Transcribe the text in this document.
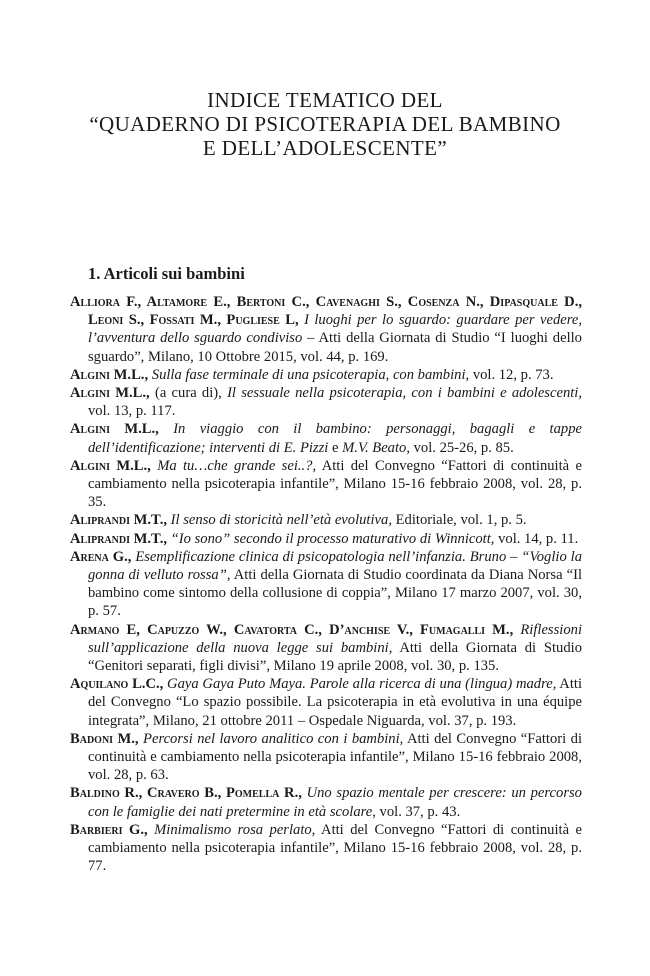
INDICE TEMATICO DEL
“QUADERNO DI PSICOTERAPIA DEL BAMBINO
E DELL’ADOLESCENTE”
1. Articoli sui bambini

Alliora F., Altamore E., Bertoni C., Cavenaghi S., Cosenza N., Dipasquale D., Leoni S., Fossati M., Pugliese L, I luoghi per lo sguardo: guardare per vedere, l’avventura dello sguardo condiviso – Atti della Giornata di Studio “I luoghi dello sguardo”, Milano, 10 Ottobre 2015, vol. 44, p. 169.

Algini M.L., Sulla fase terminale di una psicoterapia, con bambini, vol. 12, p. 73.

Algini M.L., (a cura di), Il sessuale nella psicoterapia, con i bambini e adolescenti, vol. 13, p. 117.

Algini M.L., In viaggio con il bambino: personaggi, bagagli e tappe dell’identificazione; interventi di E. Pizzi e M.V. Beato, vol. 25-26, p. 85.

Algini M.L., Ma tu…che grande sei..?, Atti del Convegno “Fattori di continuità e cambiamento nella psicoterapia infantile”, Milano 15-16 febbraio 2008, vol. 28, p. 35.

Aliprandi M.T., Il senso di storicità nell’età evolutiva, Editoriale, vol. 1, p. 5.

Aliprandi M.T., “Io sono” secondo il processo maturativo di Winnicott, vol. 14, p. 11.

Arena G., Esemplificazione clinica di psicopatologia nell’infanzia. Bruno – “Voglio la gonna di velluto rossa”, Atti della Giornata di Studio coordinata da Diana Norsa “Il bambino come sintomo della collusione di coppia”, Milano 17 marzo 2007, vol. 30, p. 57.

Armano E, Capuzzo W., Cavatorta C., D’anchise V., Fumagalli M., Riflessioni sull’applicazione della nuova legge sui bambini, Atti della Giornata di Studio “Genitori separati, figli divisi”, Milano 19 aprile 2008, vol. 30, p. 135.

Aquilano L.C., Gaya Gaya Puto Maya. Parole alla ricerca di una (lingua) madre, Atti del Convegno “Lo spazio possibile. La psicoterapia in età evolutiva in una équipe integrata”, Milano, 21 ottobre 2011 – Ospedale Niguarda, vol. 37, p. 193.

Badoni M., Percorsi nel lavoro analitico con i bambini, Atti del Convegno “Fattori di continuità e cambiamento nella psicoterapia infantile”, Milano 15-16 febbraio 2008, vol. 28, p. 63.

Baldino R., Cravero B., Pomella R., Uno spazio mentale per crescere: un percorso con le famiglie dei nati pretermine in età scolare, vol. 37, p. 43.

Barbieri G., Minimalismo rosa perlato, Atti del Convegno “Fattori di continuità e cambiamento nella psicoterapia infantile”, Milano 15-16 febbraio 2008, vol. 28, p. 77.
